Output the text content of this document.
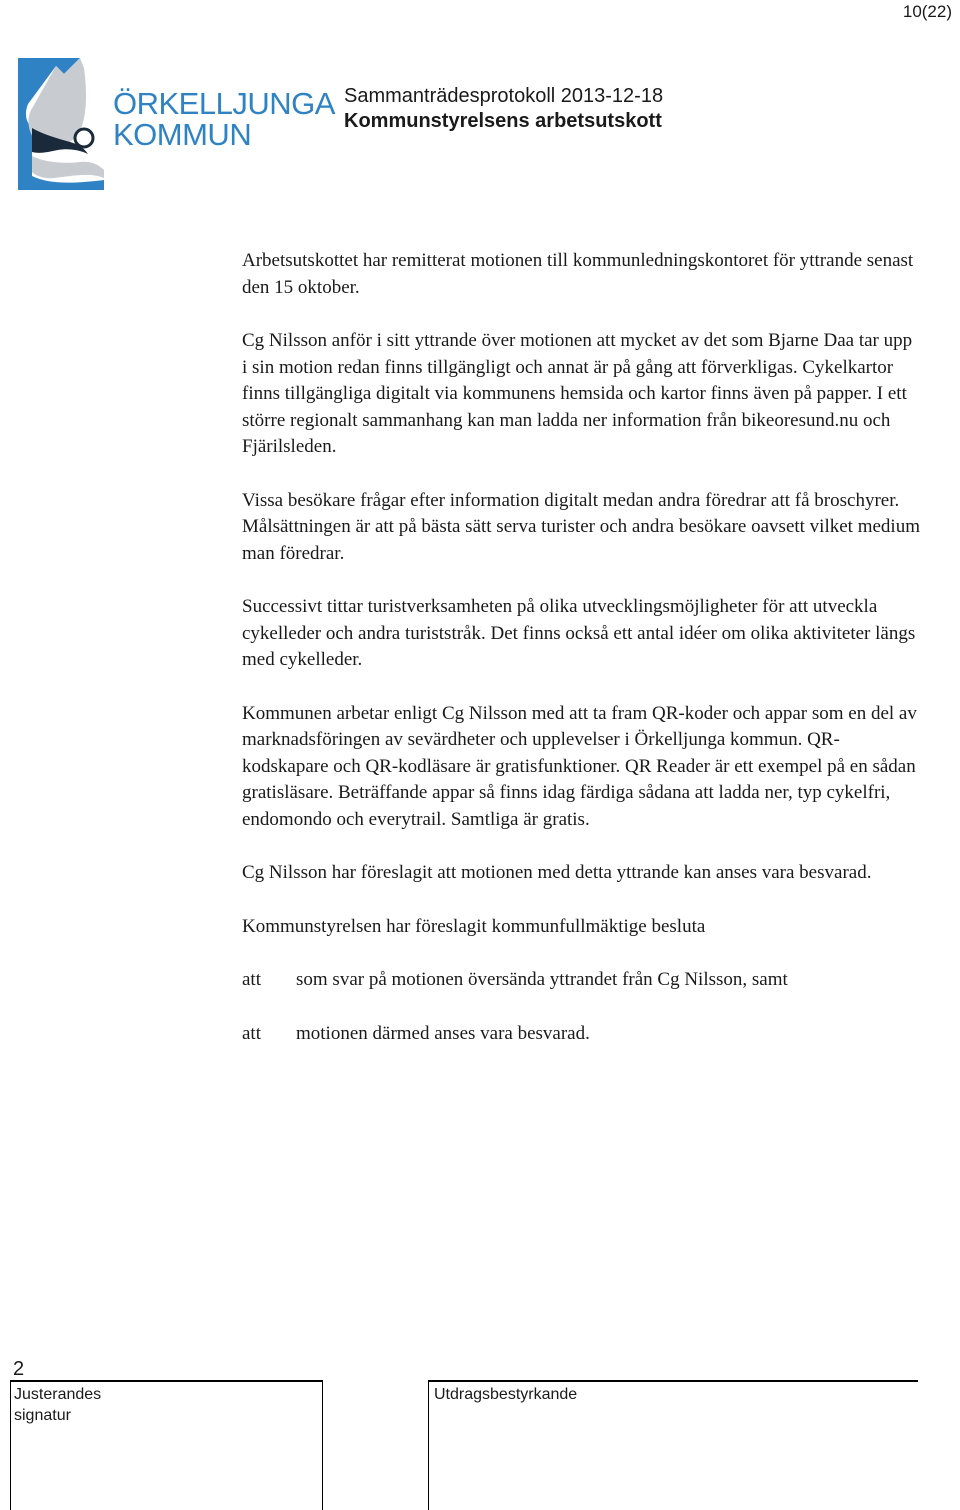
10(22)
ÖRKELLJUNGA
KOMMUN
Sammanträdesprotokoll 2013-12-18
Kommunstyrelsens arbetsutskott

Arbetsutskottet har remitterat motionen till kommunledningskontoret för yttrande senast den 15 oktober.

Cg Nilsson anför i sitt yttrande över motionen att mycket av det som Bjarne Daa tar upp i sin motion redan finns tillgängligt och annat är på gång att förverkligas. Cykelkartor finns tillgängliga digitalt via kommunens hemsida och kartor finns även på papper. I ett större regionalt sammanhang kan man ladda ner information från bikeoresund.nu och Fjärilsleden.

Vissa besökare frågar efter information digitalt medan andra föredrar att få broschyrer. Målsättningen är att på bästa sätt serva turister och andra besökare oavsett vilket medium man föredrar.

Successivt tittar turistverksamheten på olika utvecklingsmöjligheter för att utveckla cykelleder och andra turiststråk. Det finns också ett antal idéer om olika aktiviteter längs med cykelleder.

Kommunen arbetar enligt Cg Nilsson med att ta fram QR-koder och appar som en del av marknadsföringen av sevärdheter och upplevelser i Örkelljunga kommun. QR-kodskapare och QR-kodläsare är gratisfunktioner. QR Reader är ett exempel på en sådan gratisläsare. Beträffande appar så finns idag färdiga sådana att ladda ner, typ cykelfri, endomondo och everytrail. Samtliga är gratis.

Cg Nilsson har föreslagit att motionen med detta yttrande kan anses vara besvarad.

Kommunstyrelsen har föreslagit kommunfullmäktige besluta

att	som svar på motionen översända yttrandet från Cg Nilsson, samt
att	motionen därmed anses vara besvarad.
2
Justerandes signatur
Utdragsbestyrkande
